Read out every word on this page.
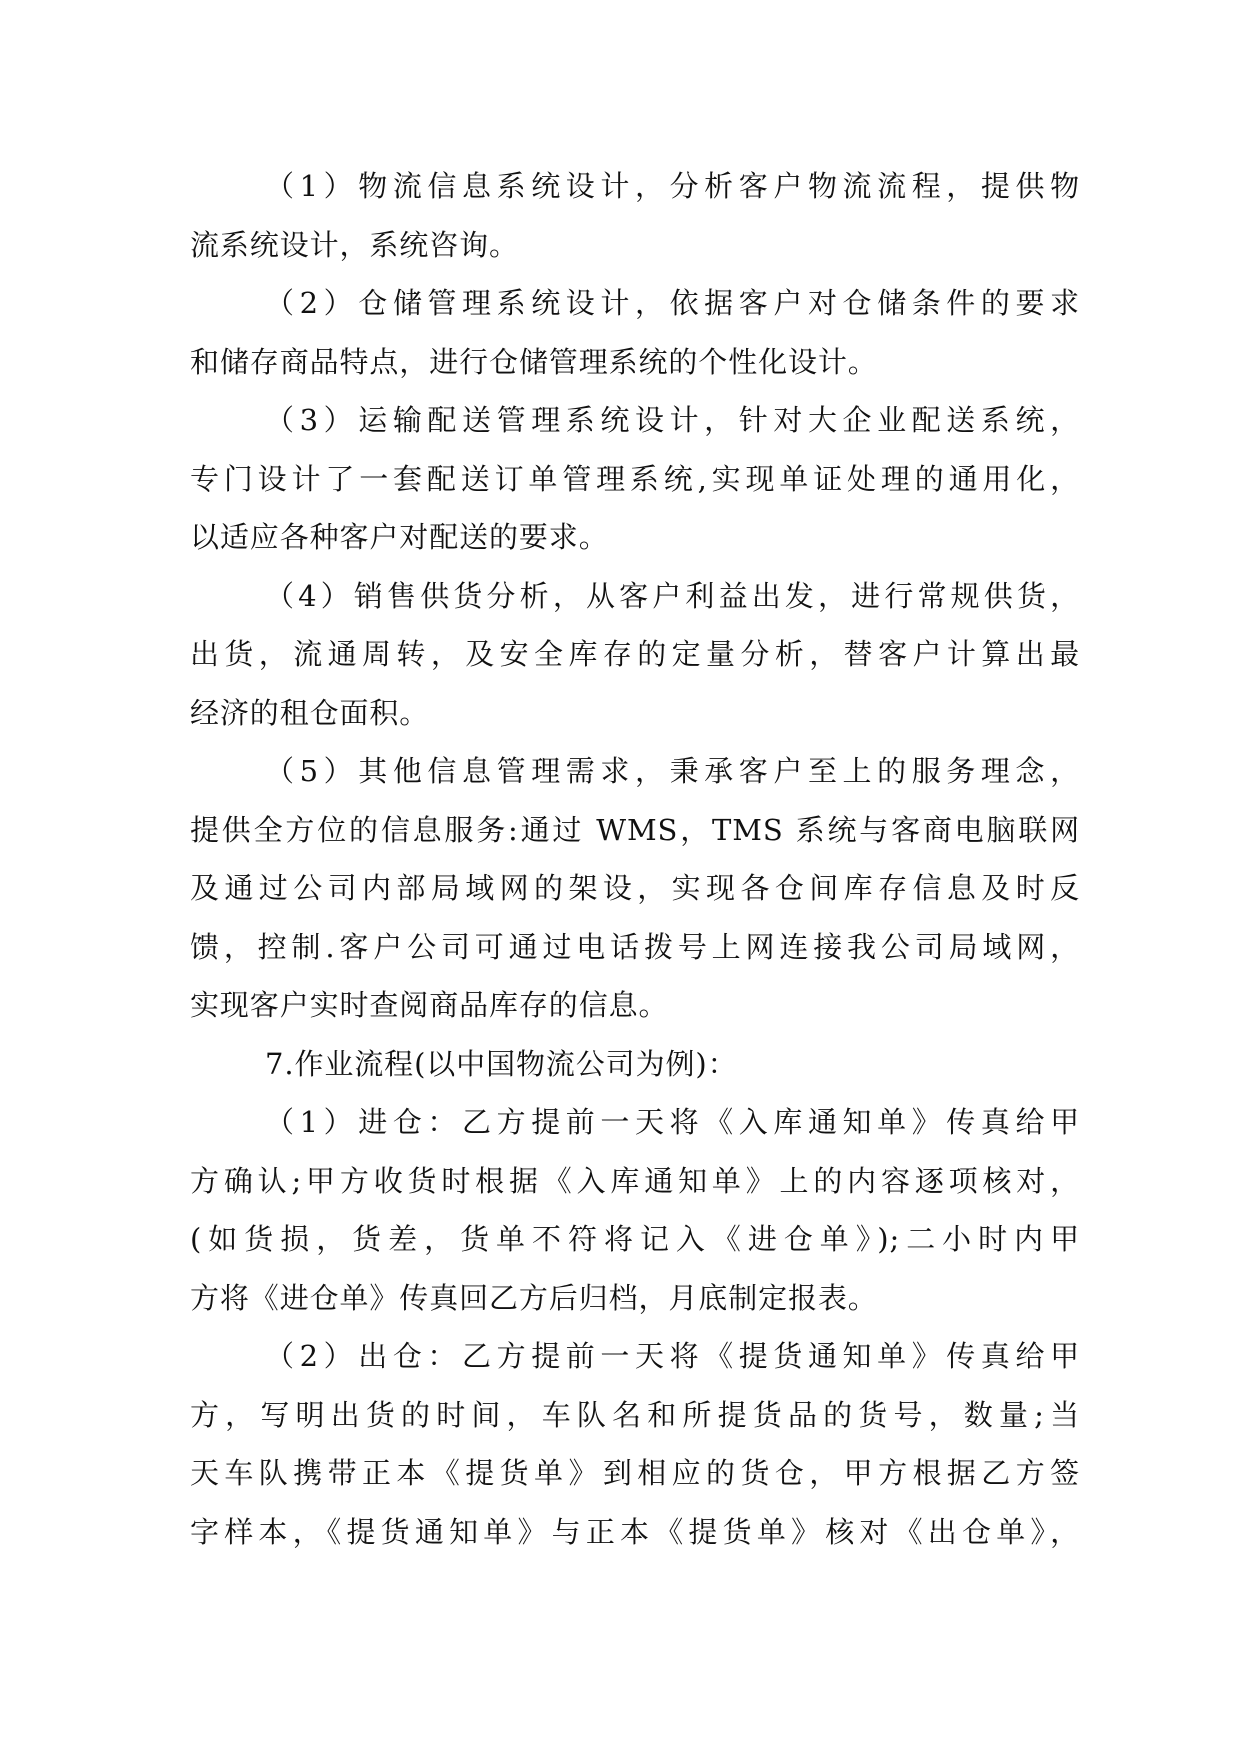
（1）物流信息系统设计，分析客户物流流程，提供物
流系统设计，系统咨询。
（2）仓储管理系统设计，依据客户对仓储条件的要求
和储存商品特点，进行仓储管理系统的个性化设计。
（3）运输配送管理系统设计，针对大企业配送系统，
专门设计了一套配送订单管理系统,实现单证处理的通用化，
以适应各种客户对配送的要求。
（4）销售供货分析，从客户利益出发，进行常规供货，
出货，流通周转，及安全库存的定量分析，替客户计算出最
经济的租仓面积。
（5）其他信息管理需求，秉承客户至上的服务理念，
提供全方位的信息服务:通过 WMS，TMS 系统与客商电脑联网
及通过公司内部局域网的架设，实现各仓间库存信息及时反
馈，控制.客户公司可通过电话拨号上网连接我公司局域网，
实现客户实时查阅商品库存的信息。
7.作业流程(以中国物流公司为例)：
（1）进仓：乙方提前一天将《入库通知单》传真给甲
方确认;甲方收货时根据《入库通知单》上的内容逐项核对，
(如货损，货差，货单不符将记入《进仓单》);二小时内甲
方将《进仓单》传真回乙方后归档，月底制定报表。
（2）出仓：乙方提前一天将《提货通知单》传真给甲
方，写明出货的时间，车队名和所提货品的货号，数量;当
天车队携带正本《提货单》到相应的货仓，甲方根据乙方签
字样本，《提货通知单》与正本《提货单》核对《出仓单》，
